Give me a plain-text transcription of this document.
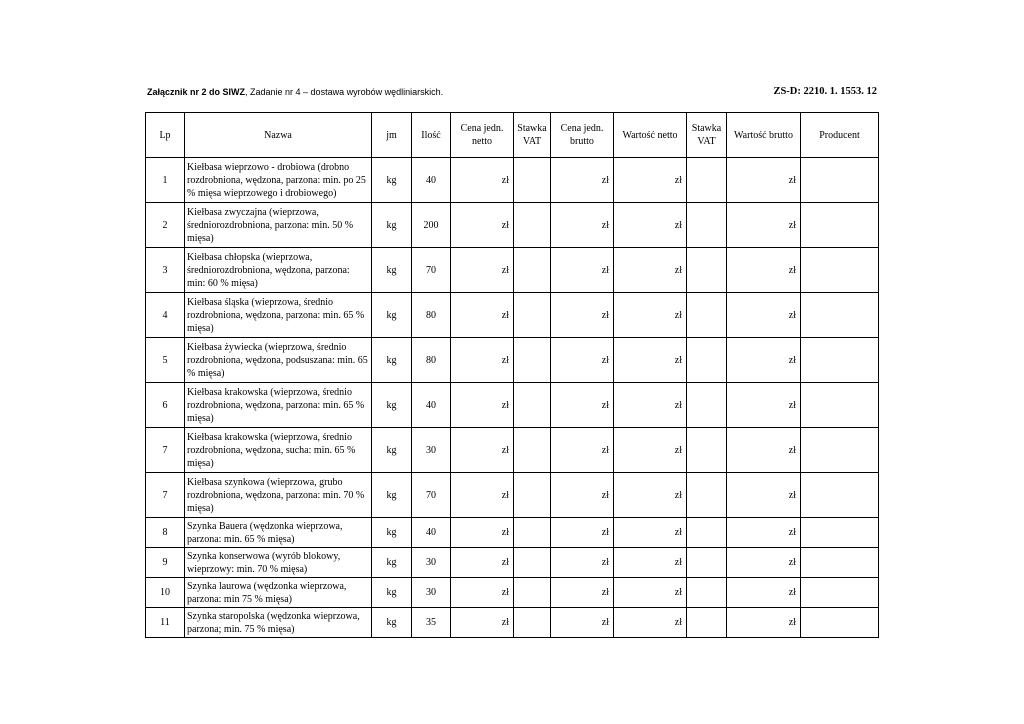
Załącznik nr 2 do SIWZ, Zadanie nr 4 – dostawa wyrobów wędliniarskich.	ZS-D: 2210. 1. 1553. 12
Lp	Nazwa	jm	Ilość	Cena jedn. netto	Stawka VAT	Cena jedn. brutto	Wartość netto	Stawka VAT	Wartość brutto	Producent
1	Kiełbasa wieprzowo - drobiowa (drobno rozdrobniona, wędzona, parzona: min. po 25 % mięsa wieprzowego i drobiowego)	kg	40	zł		zł	zł		zł	
2	Kiełbasa zwyczajna (wieprzowa, średniorozdrobniona, parzona: min. 50 % mięsa)	kg	200	zł		zł	zł		zł	
3	Kiełbasa chłopska (wieprzowa, średniorozdrobniona, wędzona, parzona: min: 60 % mięsa)	kg	70	zł		zł	zł		zł	
4	Kiełbasa śląska (wieprzowa, średnio rozdrobniona, wędzona, parzona: min. 65 % mięsa)	kg	80	zł		zł	zł		zł	
5	Kiełbasa żywiecka (wieprzowa, średnio rozdrobniona, wędzona, podsuszana: min. 65 % mięsa)	kg	80	zł		zł	zł		zł	
6	Kiełbasa krakowska (wieprzowa, średnio rozdrobniona, wędzona, parzona: min. 65 % mięsa)	kg	40	zł		zł	zł		zł	
7	Kiełbasa krakowska (wieprzowa, średnio rozdrobniona, wędzona, sucha: min. 65 % mięsa)	kg	30	zł		zł	zł		zł	
7	Kiełbasa szynkowa (wieprzowa, grubo rozdrobniona, wędzona, parzona: min. 70 % mięsa)	kg	70	zł		zł	zł		zł	
8	Szynka Bauera (wędzonka wieprzowa, parzona: min. 65 % mięsa)	kg	40	zł		zł	zł		zł	
9	Szynka konserwowa (wyrób blokowy, wieprzowy: min. 70 % mięsa)	kg	30	zł		zł	zł		zł	
10	Szynka laurowa (wędzonka wieprzowa, parzona: min 75 % mięsa)	kg	30	zł		zł	zł		zł	
11	Szynka staropolska (wędzonka wieprzowa, parzona; min. 75 % mięsa)	kg	35	zł		zł	zł		zł	
